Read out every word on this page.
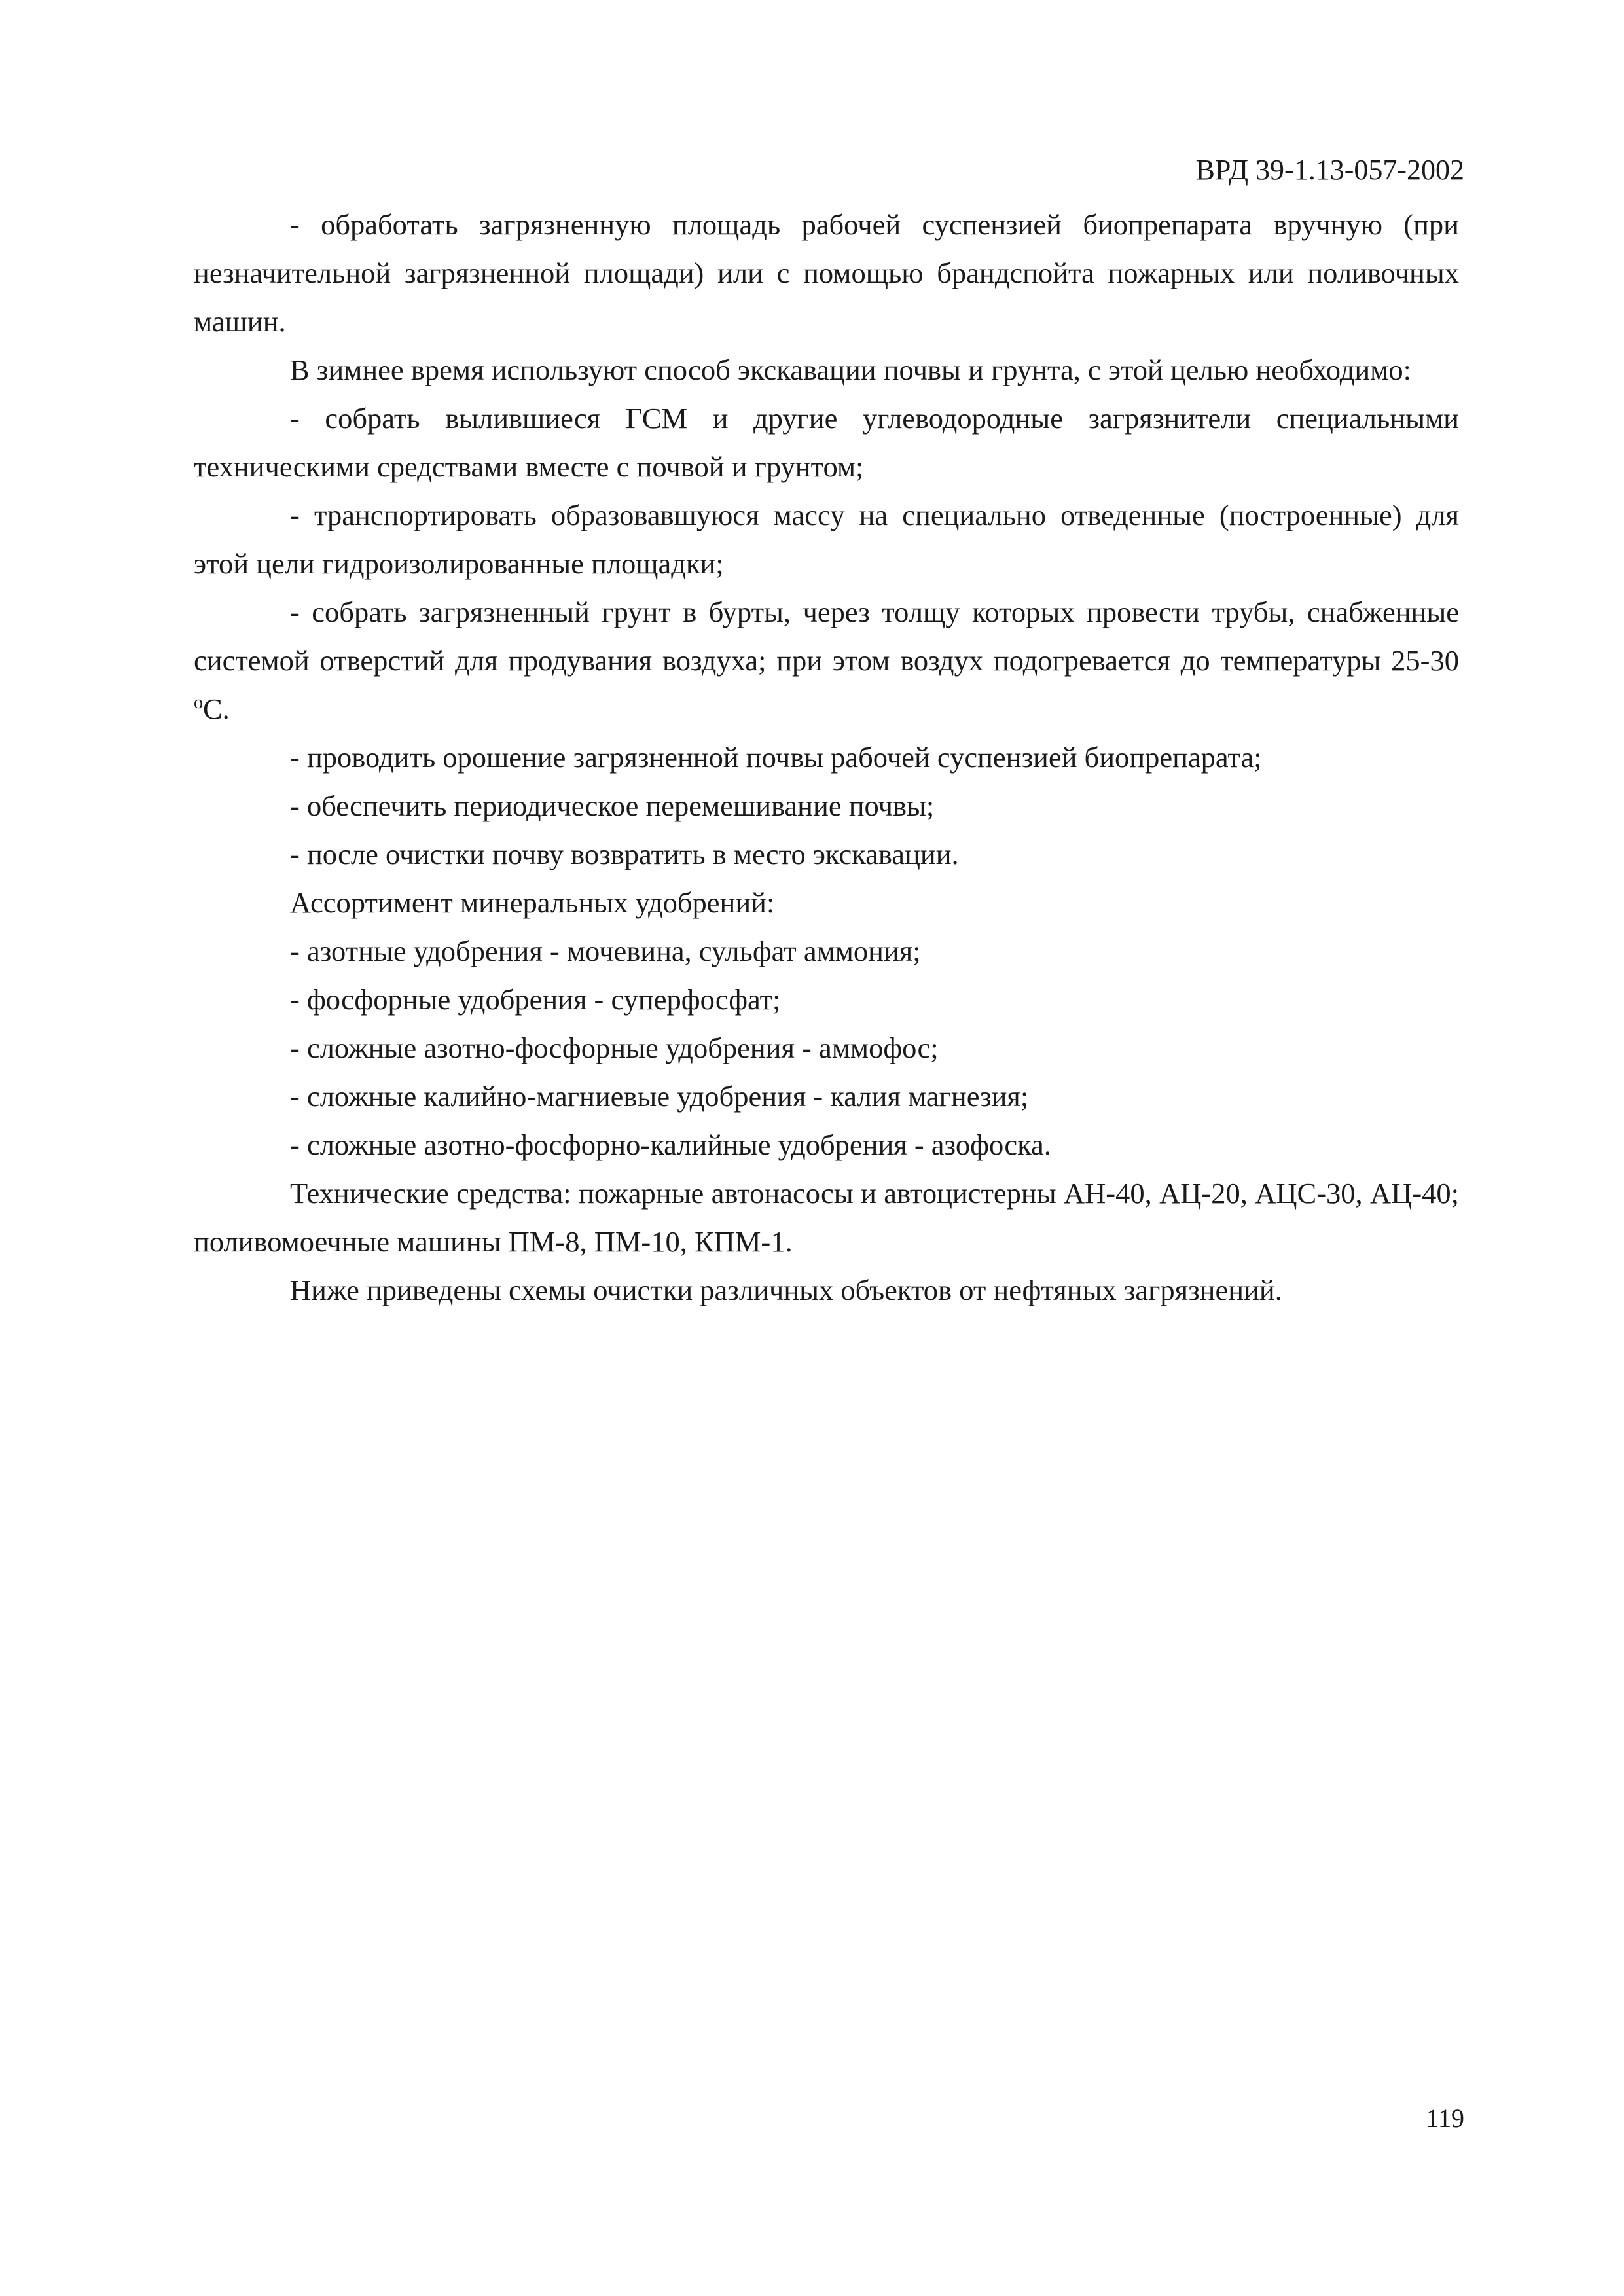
ВРД 39-1.13-057-2002

- обработать загрязненную площадь рабочей суспензией биопрепарата вручную (при незначительной загрязненной площади) или с помощью брандспойта пожарных или поливочных машин.

В зимнее время используют способ экскавации почвы и грунта, с этой целью необходимо:

- собрать вылившиеся ГСМ и другие углеводородные загрязнители специальными техническими средствами вместе с почвой и грунтом;

- транспортировать образовавшуюся массу на специально отведенные (построенные) для этой цели гидроизолированные площадки;

- собрать загрязненный грунт в бурты, через толщу которых провести трубы, снабженные системой отверстий для продувания воздуха; при этом воздух подогревается до температуры 25-30 $^о$С.

- проводить орошение загрязненной почвы рабочей суспензией биопрепарата;

- обеспечить периодическое перемешивание почвы;

- после очистки почву возвратить в место экскавации.

Ассортимент минеральных удобрений:

- азотные удобрения - мочевина, сульфат аммония;

- фосфорные удобрения - суперфосфат;

- сложные азотно-фосфорные удобрения - аммофос;

- сложные калийно-магниевые удобрения - калия магнезия;

- сложные азотно-фосфорно-калийные удобрения - азофоска.

Технические средства: пожарные автонасосы и автоцистерны АН-40, АЦ-20, АЦС-30, АЦ-40; поливомоечные машины ПМ-8, ПМ-10, КПМ-1.

Ниже приведены схемы очистки различных объектов от нефтяных загрязнений.

119
